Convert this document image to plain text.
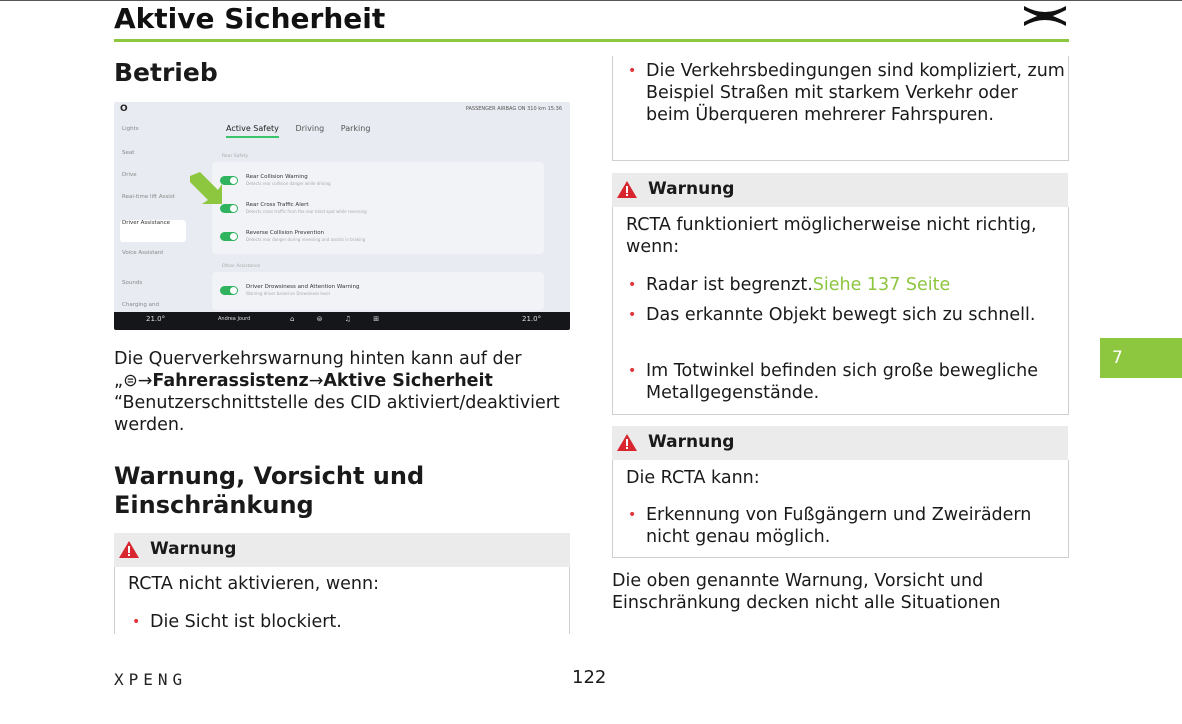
Aktive Sicherheit
Betrieb
O	PASSENGER AIRBAG ON 310 km 15:36
Lights
Seat
Drive
Real-time lift Assist
Driver Assistance
Voice Assistant
Sounds
Charging and
Active Safety Driving Parking
Rear Safety
Rear Collision Warning
Detects rear collision danger while driving
Rear Cross Traffic Alert
Detects cross traffic from the rear blind spot while reversing
Reverse Collision Prevention
Detects rear danger during reversing and assists in braking
Other Assistance
Driver Drowsiness and Attention Warning
Warning driver based on Drowsiness level
21.0°	Andrea Jourd	⌂ ⊜ ♫ ⊞	21.0°
Die Querverkehrswarnung hinten kann auf der „⊜→Fahrerassistenz→Aktive Sicherheit “Benutzerschnittstelle des CID aktiviert/deaktiviert werden.
Warnung, Vorsicht und Einschränkung
Warnung
RCTA nicht aktivieren, wenn:
• Die Sicht ist blockiert.
• Die Verkehrsbedingungen sind kompliziert, zum Beispiel Straßen mit starkem Verkehr oder beim Überqueren mehrerer Fahrspuren.
Warnung
RCTA funktioniert möglicherweise nicht richtig, wenn:
• Radar ist begrenzt.Siehe 137 Seite
• Das erkannte Objekt bewegt sich zu schnell.
• Im Totwinkel befinden sich große bewegliche Metallgegenstände.
Warnung
Die RCTA kann:
• Erkennung von Fußgängern und Zweirädern nicht genau möglich.
Die oben genannte Warnung, Vorsicht und Einschränkung decken nicht alle Situationen
7
122
XPENG
